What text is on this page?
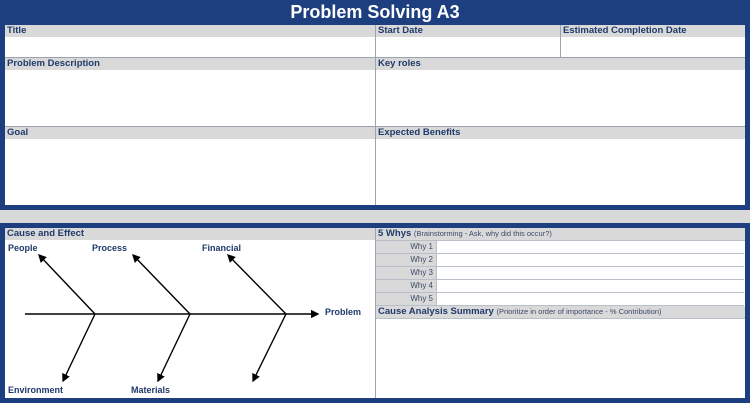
Problem Solving A3
Title	Start Date	Estimated Completion Date
Problem Description	Key roles
Goal	Expected Benefits
Cause and Effect
People	Process	Financial
Problem
Environment	Materials
5 Whys (Brainstorming - Ask, why did this occur?)
Why 1
Why 2
Why 3
Why 4
Why 5
Cause Analysis Summary (Prioritize in order of importance - % Contribution)
